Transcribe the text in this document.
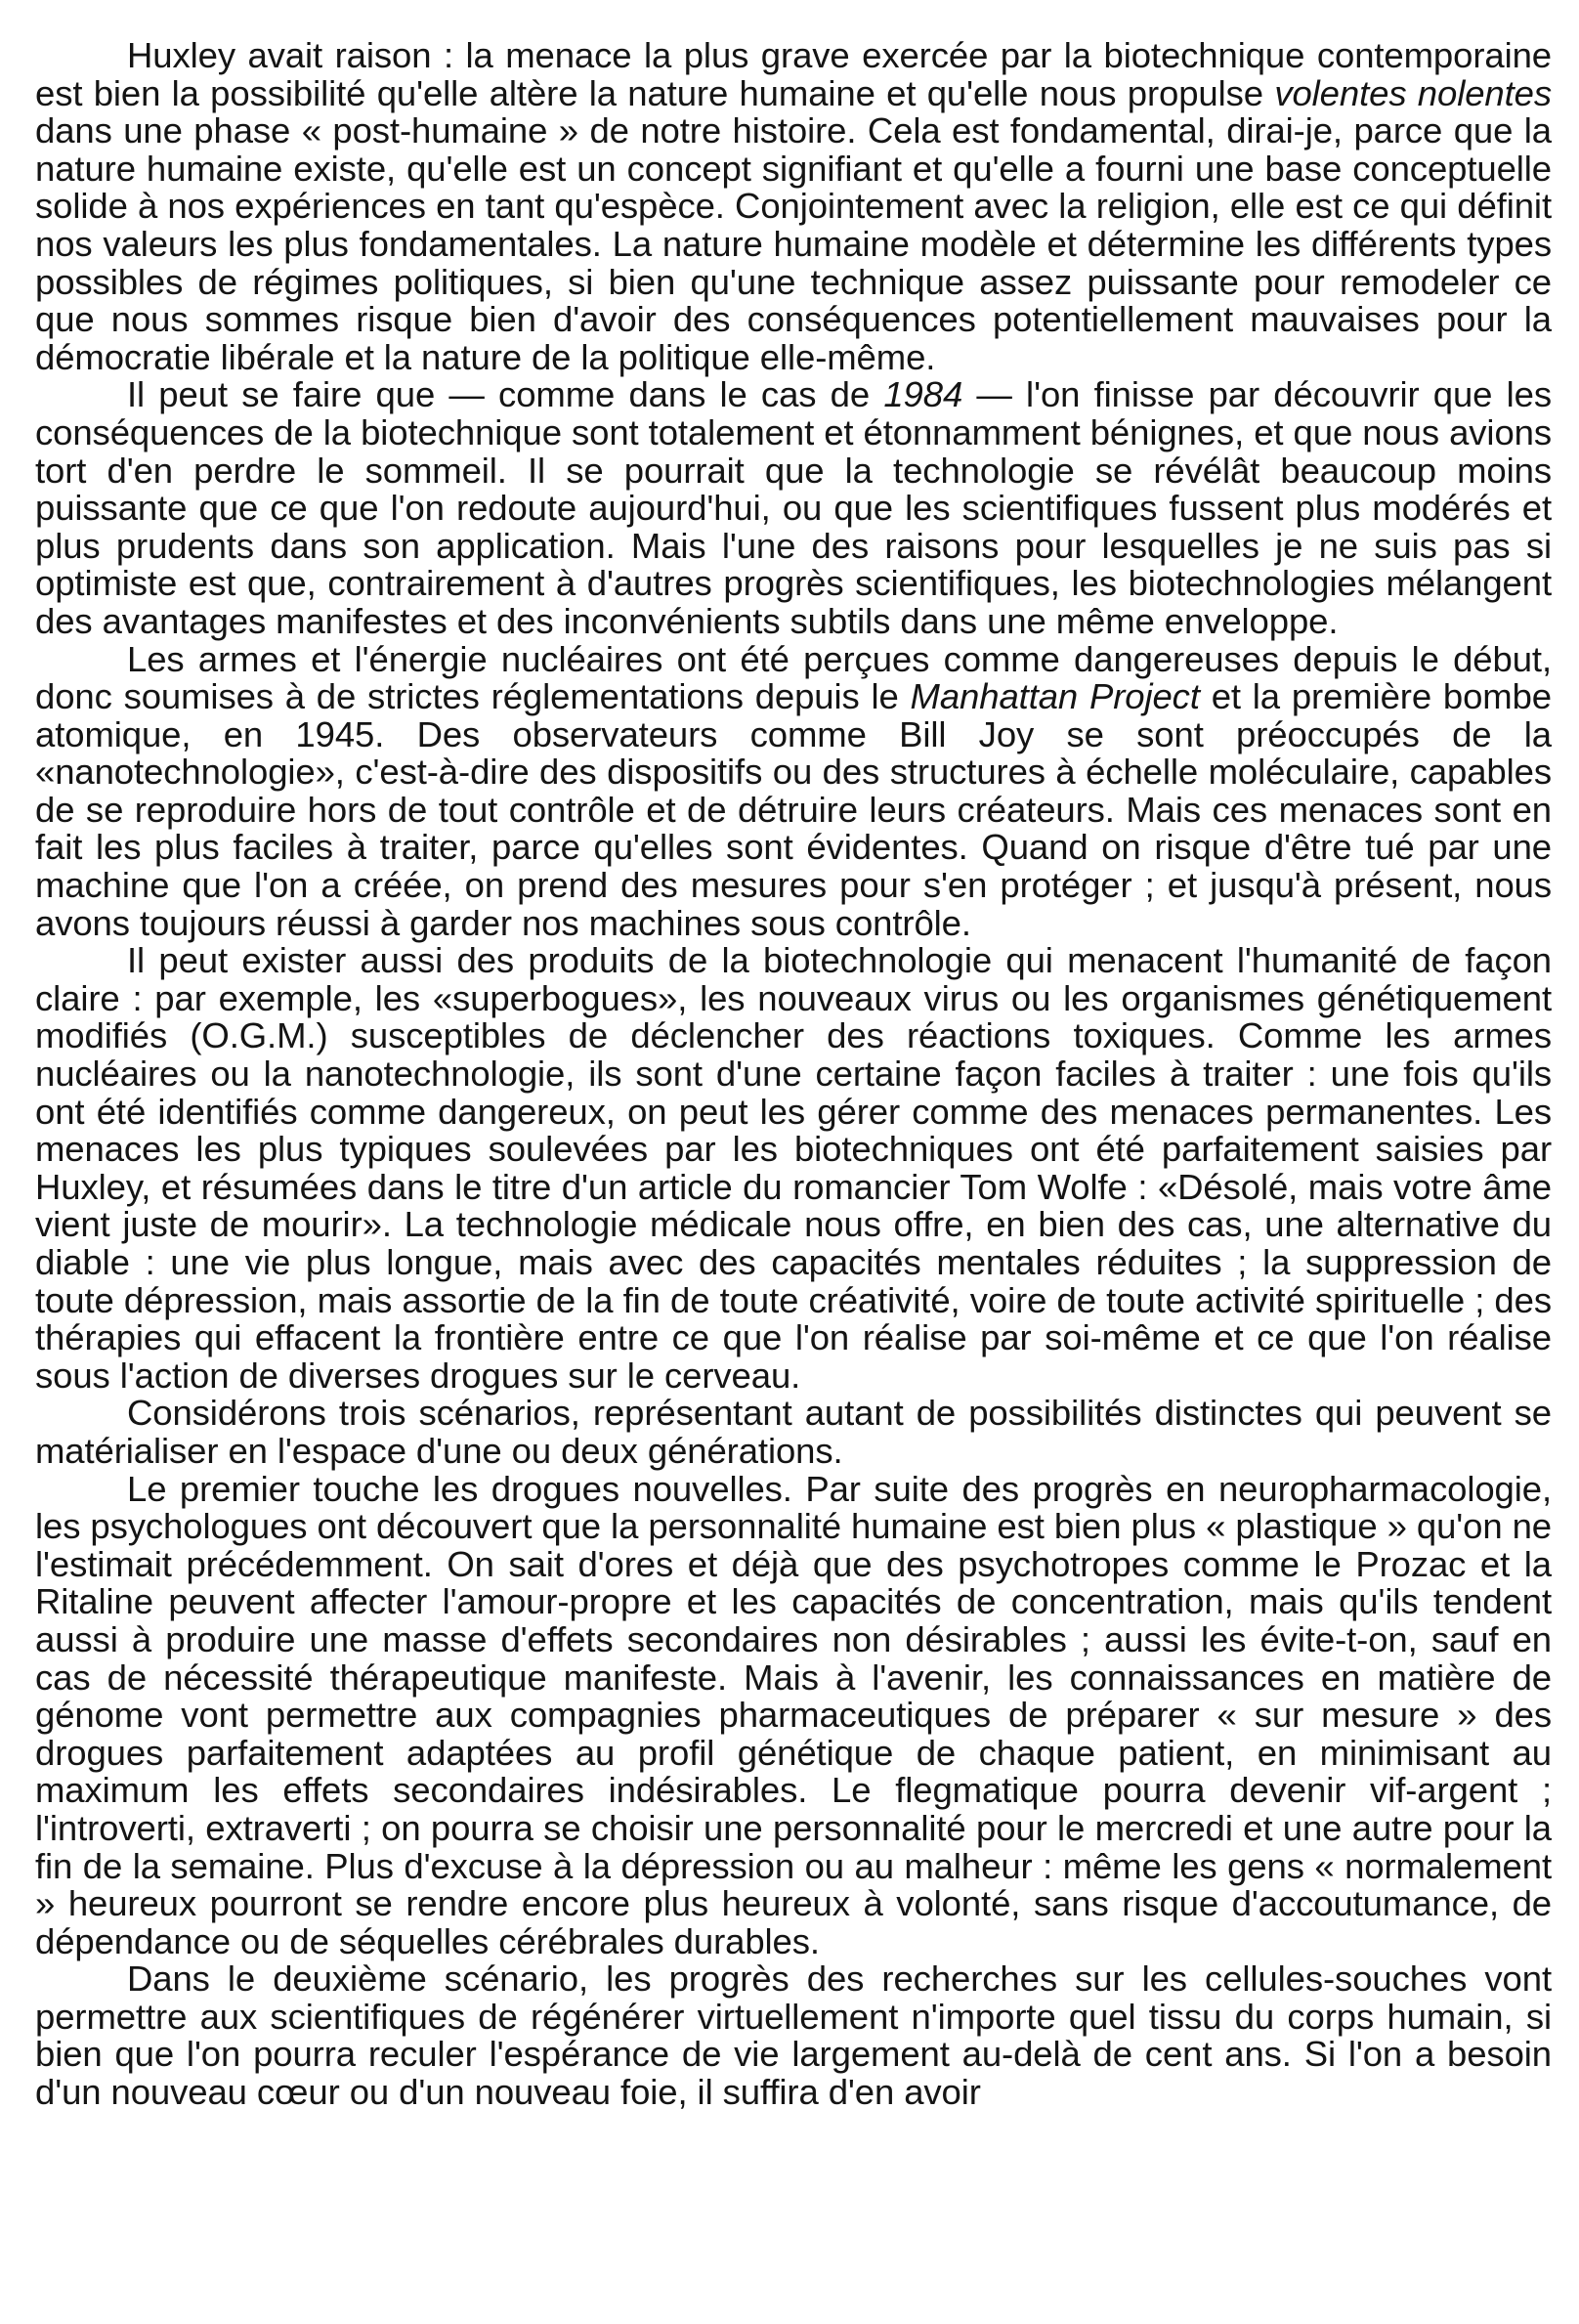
Huxley avait raison : la menace la plus grave exercée par la biotechnique contemporaine est bien la possibilité qu'elle altère la nature humaine et qu'elle nous propulse volentes nolentes dans une phase « post-humaine » de notre histoire. Cela est fondamental, dirai-je, parce que la nature humaine existe, qu'elle est un concept signifiant et qu'elle a fourni une base conceptuelle solide à nos expériences en tant qu'espèce. Conjointement avec la religion, elle est ce qui définit nos valeurs les plus fondamentales. La nature humaine modèle et détermine les différents types possibles de régimes politiques, si bien qu'une technique assez puissante pour remodeler ce que nous sommes risque bien d'avoir des conséquences potentiellement mauvaises pour la démocratie libérale et la nature de la politique elle-même.

Il peut se faire que — comme dans le cas de 1984 — l'on finisse par découvrir que les conséquences de la biotechnique sont totalement et étonnamment bénignes, et que nous avions tort d'en perdre le sommeil. Il se pourrait que la technologie se révélât beaucoup moins puissante que ce que l'on redoute aujourd'hui, ou que les scientifiques fussent plus modérés et plus prudents dans son application. Mais l'une des raisons pour lesquelles je ne suis pas si optimiste est que, contrairement à d'autres progrès scientifiques, les biotechnologies mélangent des avantages manifestes et des inconvénients subtils dans une même enveloppe.

Les armes et l'énergie nucléaires ont été perçues comme dangereuses depuis le début, donc soumises à de strictes réglementations depuis le Manhattan Project et la première bombe atomique, en 1945. Des observateurs comme Bill Joy se sont préoccupés de la «nanotechnologie», c'est-à-dire des dispositifs ou des structures à échelle moléculaire, capables de se reproduire hors de tout contrôle et de détruire leurs créateurs. Mais ces menaces sont en fait les plus faciles à traiter, parce qu'elles sont évidentes. Quand on risque d'être tué par une machine que l'on a créée, on prend des mesures pour s'en protéger ; et jusqu'à présent, nous avons toujours réussi à garder nos machines sous contrôle.

Il peut exister aussi des produits de la biotechnologie qui menacent l'humanité de façon claire : par exemple, les «superbogues», les nouveaux virus ou les organismes génétiquement modifiés (O.G.M.) susceptibles de déclencher des réactions toxiques. Comme les armes nucléaires ou la nanotechnologie, ils sont d'une certaine façon faciles à traiter : une fois qu'ils ont été identifiés comme dangereux, on peut les gérer comme des menaces permanentes. Les menaces les plus typiques soulevées par les biotechniques ont été parfaitement saisies par Huxley, et résumées dans le titre d'un article du romancier Tom Wolfe : «Désolé, mais votre âme vient juste de mourir». La technologie médicale nous offre, en bien des cas, une alternative du diable : une vie plus longue, mais avec des capacités mentales réduites ; la suppression de toute dépression, mais assortie de la fin de toute créativité, voire de toute activité spirituelle ; des thérapies qui effacent la frontière entre ce que l'on réalise par soi-même et ce que l'on réalise sous l'action de diverses drogues sur le cerveau.

Considérons trois scénarios, représentant autant de possibilités distinctes qui peuvent se matérialiser en l'espace d'une ou deux générations.

Le premier touche les drogues nouvelles. Par suite des progrès en neuropharmacologie, les psychologues ont découvert que la personnalité humaine est bien plus « plastique » qu'on ne l'estimait précédemment. On sait d'ores et déjà que des psychotropes comme le Prozac et la Ritaline peuvent affecter l'amour-propre et les capacités de concentration, mais qu'ils tendent aussi à produire une masse d'effets secondaires non désirables ; aussi les évite-t-on, sauf en cas de nécessité thérapeutique manifeste. Mais à l'avenir, les connaissances en matière de génome vont permettre aux compagnies pharmaceutiques de préparer « sur mesure » des drogues parfaitement adaptées au profil génétique de chaque patient, en minimisant au maximum les effets secondaires indésirables. Le flegmatique pourra devenir vif-argent ; l'introverti, extraverti ; on pourra se choisir une personnalité pour le mercredi et une autre pour la fin de la semaine. Plus d'excuse à la dépression ou au malheur : même les gens « normalement » heureux pourront se rendre encore plus heureux à volonté, sans risque d'accoutumance, de dépendance ou de séquelles cérébrales durables.

Dans le deuxième scénario, les progrès des recherches sur les cellules-souches vont permettre aux scientifiques de régénérer virtuellement n'importe quel tissu du corps humain, si bien que l'on pourra reculer l'espérance de vie largement au-delà de cent ans. Si l'on a besoin d'un nouveau cœur ou d'un nouveau foie, il suffira d'en avoir
